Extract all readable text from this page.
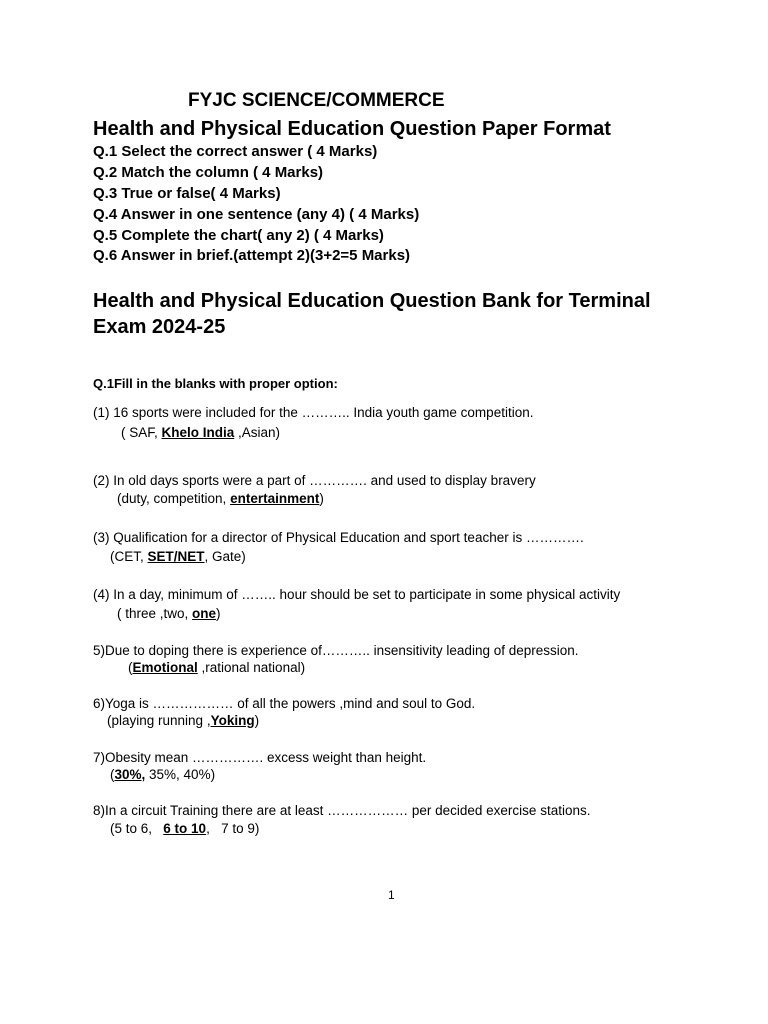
FYJC SCIENCE/COMMERCE
Health and Physical Education Question Paper Format
Q.1 Select the correct answer ( 4 Marks)
Q.2 Match the column ( 4 Marks)
Q.3 True or false( 4 Marks)
Q.4 Answer in one sentence (any 4) ( 4 Marks)
Q.5 Complete the chart( any 2) ( 4 Marks)
Q.6 Answer in brief.(attempt 2)(3+2=5 Marks)
Health and Physical Education Question Bank for Terminal Exam 2024-25
Q.1Fill in the blanks with proper option:
(1) 16 sports were included for the ……….. India youth game competition.
( SAF, Khelo India ,Asian)
(2) In old days sports were a part of …………. and used to display bravery
(duty, competition, entertainment)
(3) Qualification for a director of Physical Education and sport teacher is ………….
(CET, SET/NET, Gate)
(4) In a day, minimum of …….. hour should be set to participate in some physical activity
( three ,two, one)
5)Due to doping there is experience of……….. insensitivity leading of depression.
(Emotional ,rational national)
6)Yoga is ……………… of all the powers ,mind and soul to God.
(playing running ,Yoking)
7)Obesity mean ……………. excess weight than height.
(30%, 35%, 40%)
8)In a circuit Training there are at least ……………… per decided exercise stations.
(5 to 6,   6 to 10,   7 to 9)
1
